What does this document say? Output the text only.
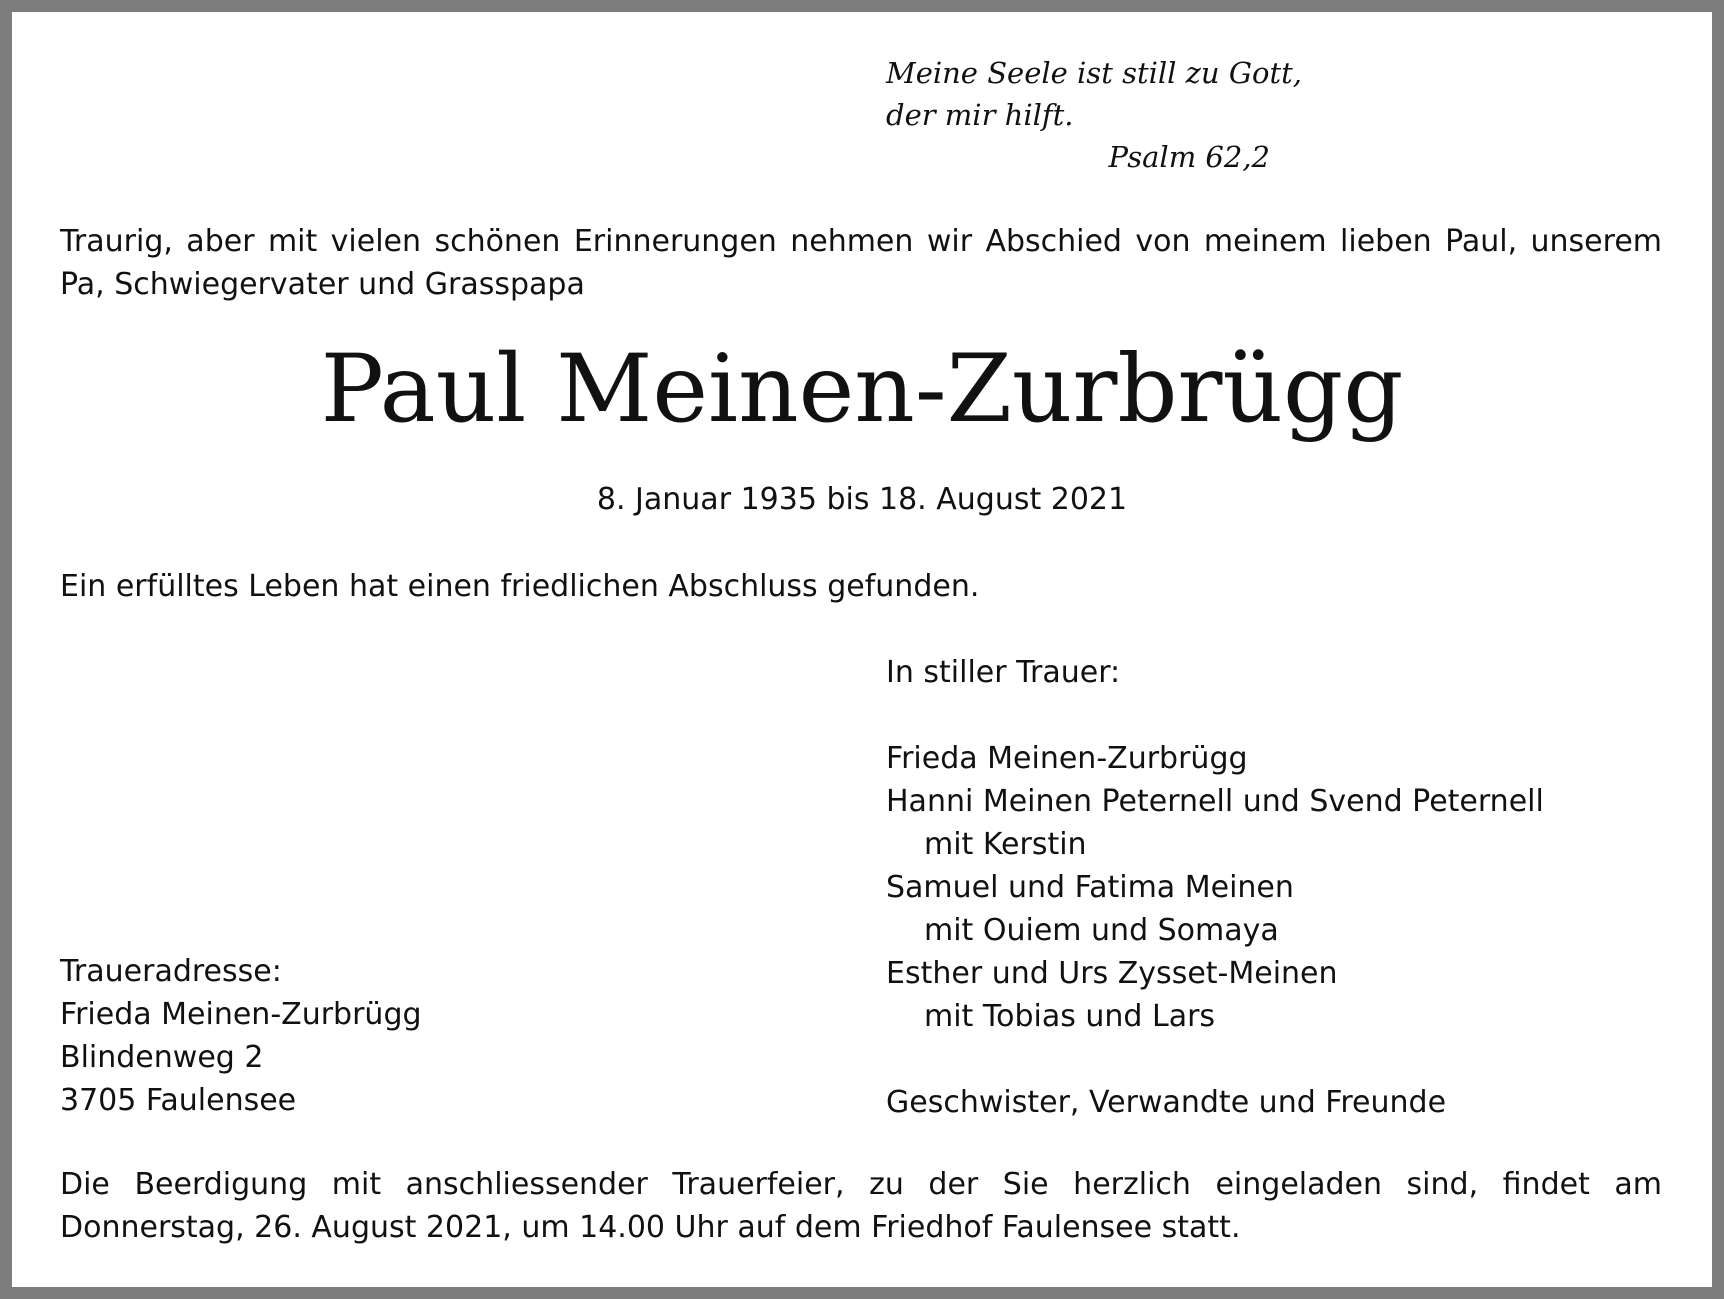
Meine Seele ist still zu Gott,
der mir hilft.
Psalm 62,2

Traurig, aber mit vielen schönen Erinnerungen nehmen wir Abschied von meinem lieben Paul, unserem Pa, Schwiegervater und Grasspapa

Paul Meinen-Zurbrügg
8. Januar 1935 bis 18. August 2021
Ein erfülltes Leben hat einen friedlichen Abschluss gefunden.
In stiller Trauer:
Frieda Meinen-Zurbrügg
Hanni Meinen Peternell und Svend Peternell
mit Kerstin
Samuel und Fatima Meinen
mit Ouiem und Somaya
Esther und Urs Zysset-Meinen
mit Tobias und Lars
Geschwister, Verwandte und Freunde
Traueradresse:
Frieda Meinen-Zurbrügg
Blindenweg 2
3705 Faulensee

Die Beerdigung mit anschliessender Trauerfeier, zu der Sie herzlich eingeladen sind, findet am Donnerstag, 26. August 2021, um 14.00 Uhr auf dem Friedhof Faulensee statt.
